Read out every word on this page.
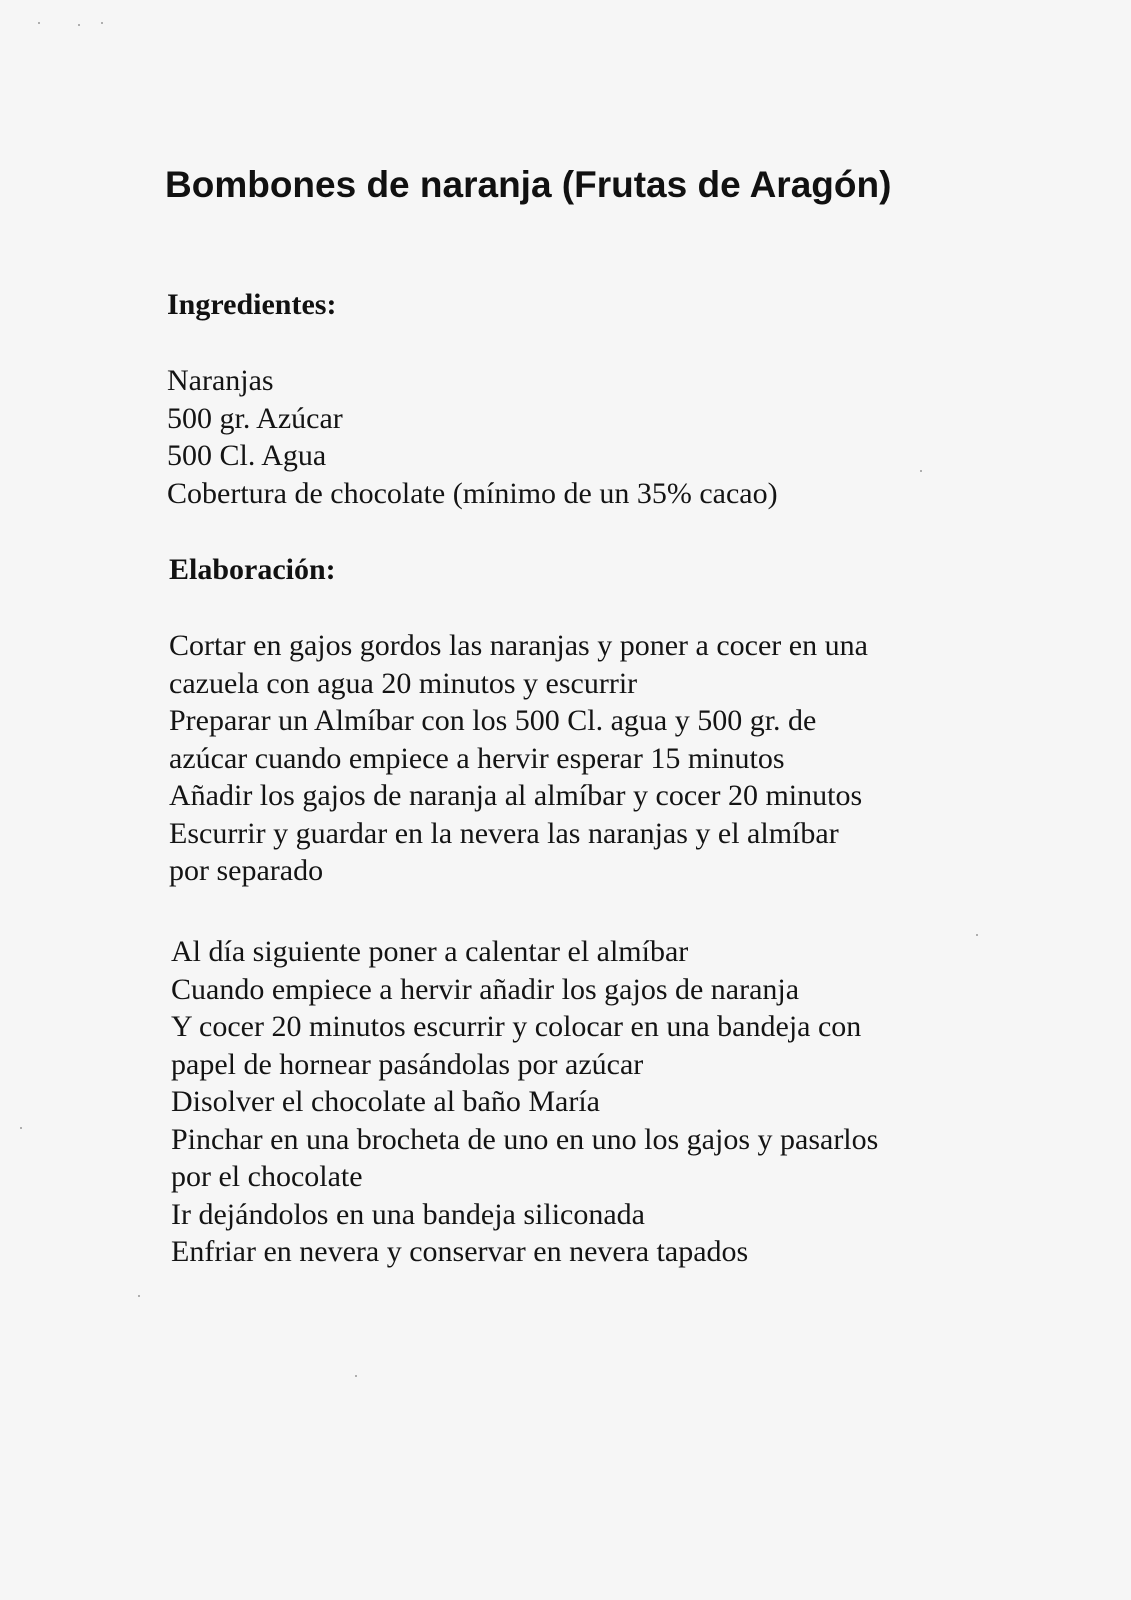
Bombones de naranja (Frutas de Aragón)
Ingredientes:
Naranjas
500 gr. Azúcar
500 Cl. Agua
Cobertura de chocolate (mínimo de un 35% cacao)
Elaboración:
Cortar en gajos gordos las naranjas y poner a cocer en una
cazuela con agua 20 minutos y escurrir
Preparar un Almíbar con los 500 Cl. agua y 500 gr. de
azúcar cuando empiece a hervir esperar 15 minutos
Añadir los gajos de naranja al almíbar y cocer 20 minutos
Escurrir y guardar en la nevera las naranjas y el almíbar
por separado
Al día siguiente poner a calentar el almíbar
Cuando empiece a hervir añadir los gajos de naranja
Y cocer 20 minutos escurrir y colocar en una bandeja con
papel de hornear pasándolas por azúcar
Disolver el chocolate al baño María
Pinchar en una brocheta de uno en uno los gajos y pasarlos
por el chocolate
Ir dejándolos en una bandeja siliconada
Enfriar en nevera y conservar en nevera tapados
